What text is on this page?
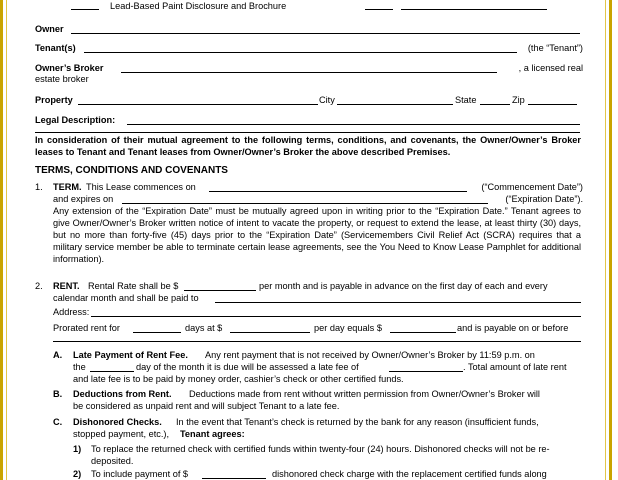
Lead-Based Paint Disclosure and Brochure
Owner
Tenant(s)	(the “Tenant”)
Owner’s Broker	, a licensed real
estate broker
Property	City	State	Zip
Legal Description:
In consideration of their mutual agreement to the following terms, conditions, and covenants, the Owner/Owner’s Broker leases to Tenant and Tenant leases from Owner/Owner’s Broker the above described Premises.
TERMS, CONDITIONS AND COVENANTS
1. TERM. This Lease commences on	(“Commencement Date”)
and expires on	(“Expiration Date”).
Any extension of the “Expiration Date” must be mutually agreed upon in writing prior to the “Expiration Date.” Tenant agrees to give Owner/Owner’s Broker written notice of intent to vacate the property, or request to extend the lease, at least thirty (30) days, but no more than forty-five (45) days prior to the “Expiration Date” (Servicemembers Civil Relief Act (SCRA) requires that a military service member be able to terminate certain lease agreements, see the You Need to Know Lease Pamphlet for additional information).
2. RENT. Rental Rate shall be $	per month and is payable in advance on the first day of each and every
calendar month and shall be paid to
Address:
Prorated rent for	days at $	per day equals $	and is payable on or before
A. Late Payment of Rent Fee. Any rent payment that is not received by Owner/Owner’s Broker by 11:59 p.m. on
the	day of the month it is due will be assessed a late fee of	. Total amount of late rent
and late fee is to be paid by money order, cashier’s check or other certified funds.
B. Deductions from Rent. Deductions made from rent without written permission from Owner/Owner’s Broker will
be considered as unpaid rent and will subject Tenant to a late fee.
C. Dishonored Checks. In the event that Tenant’s check is returned by the bank for any reason (insufficient funds,
stopped payment, etc.), Tenant agrees:
1) To replace the returned check with certified funds within twenty-four (24) hours. Dishonored checks will not be re-
deposited.
2) To include payment of $	dishonored check charge with the replacement certified funds along
